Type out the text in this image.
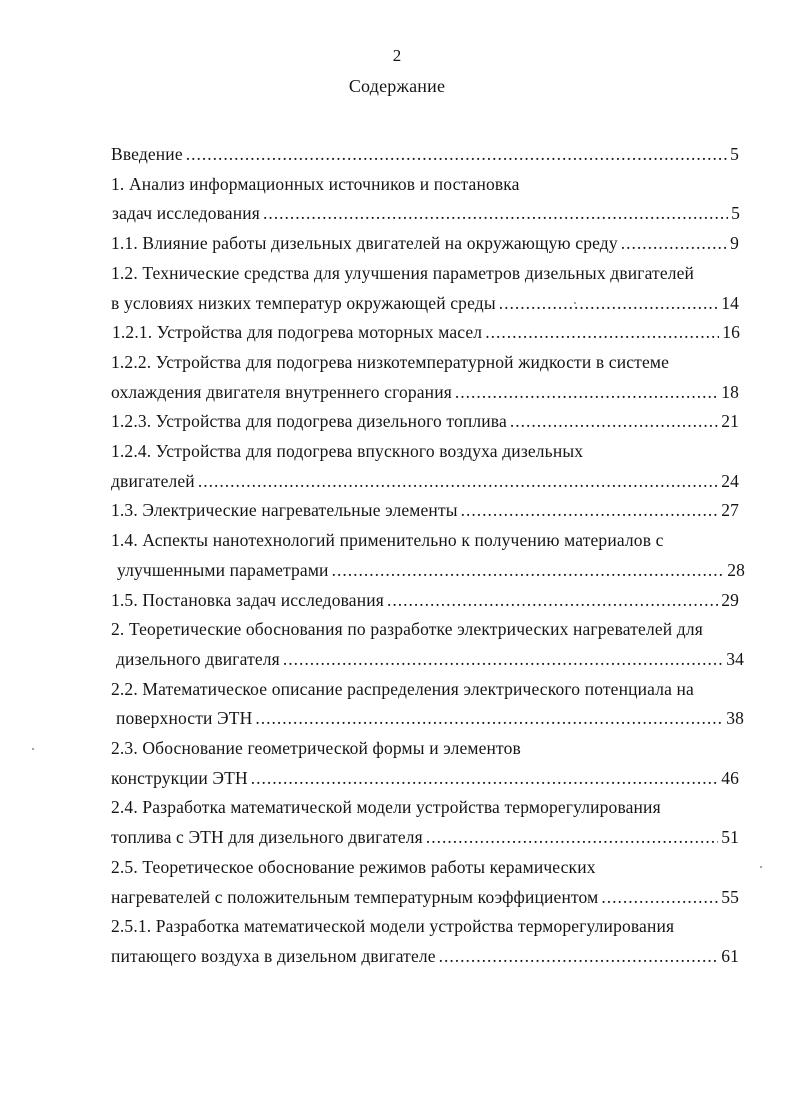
2
Содержание
Введение .....	5
1. Анализ информационных источников и постановка
задач исследования .....	5
1.1. Влияние работы дизельных двигателей на окружающую среду .....	9
1.2. Технические средства для улучшения параметров дизельных двигателей
в условиях низких температур окружающей среды .....	14
1.2.1. Устройства для подогрева моторных масел .....	16
1.2.2. Устройства для подогрева низкотемпературной жидкости в системе
охлаждения двигателя внутреннего сгорания .....	18
1.2.3. Устройства для подогрева дизельного топлива .....	21
1.2.4. Устройства для подогрева впускного воздуха дизельных
двигателей .....	24
1.3. Электрические нагревательные элементы .....	27
1.4. Аспекты нанотехнологий применительно к получению материалов с
улучшенными параметрами .....	28
1.5. Постановка задач исследования .....	29
2. Теоретические обоснования по разработке электрических нагревателей для
дизельного двигателя .....	34
2.2. Математическое описание распределения электрического потенциала на
поверхности ЭТН .....	38
2.3. Обоснование геометрической формы и элементов
конструкции ЭТН .....	46
2.4. Разработка математической модели устройства терморегулирования
топлива с ЭТН для дизельного двигателя .....	51
2.5. Теоретическое обоснование режимов работы керамических
нагревателей с положительным температурным коэффициентом .....	55
2.5.1. Разработка математической модели устройства терморегулирования
питающего воздуха в дизельном двигателе .....	61
